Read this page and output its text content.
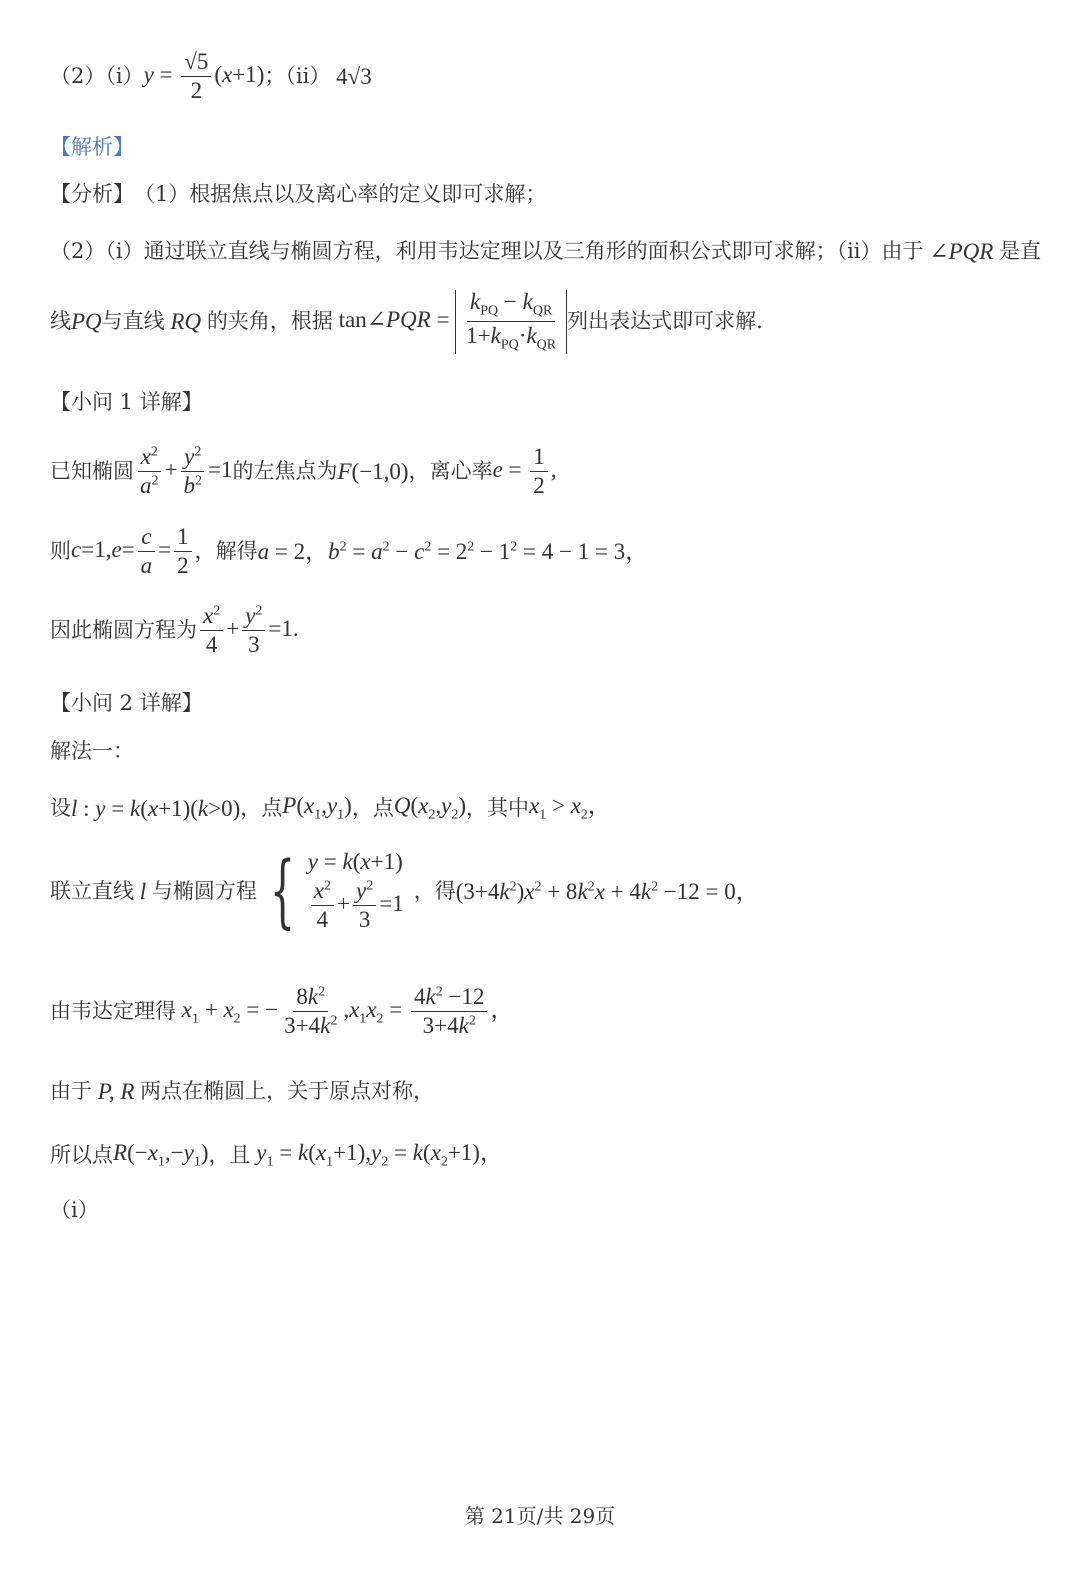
（2）（i） $y = \frac{√5}{2} (x+1)$ ；（ii） 4√3
【解析】
【分析】 （1）根据焦点以及离心率的定义即可求解；
（2）（i）通过联立直线与椭圆方程，利用韦达定理以及三角形的面积公式即可求解；（ii）由于 ∠PQR 是直
线 PQ 与直线 RQ 的夹角，根据 tan∠PQR = $\frac{k_{PQ} - k_{QR}}{1+k_{PQ}\cdot k_{QR}}$ 列出表达式即可求解.
【小问 1 详解】
已知椭圆 $\frac{x^2}{a^2} + \frac{y^2}{b^2} =1$ 的左焦点为 F(−1,0) ，离心率 $e = \frac{1}{2}$ ,
则 $c=1,e= \frac{c}{a} = \frac{1}{2}$ ，解得 a = 2，$b^2 = a^2 - c^2 = 2^2 - 1^2 = 4 - 1 = 3$，
因此椭圆方程为 $\frac{x^2}{4} + \frac{y^2}{3} =1$.
【小问 2 详解】
解法一：
设 l : y = k(x+1)(k>0) ，点 $P(x_1,y_1)$ ，点 $Q(x_2,y_2)$ ，其中 $x_1 > x_2$，
联立直线 l 与椭圆方程 { y = k(x+1)
$\frac{x^2}{4} + \frac{y^2}{3} =1$
，得 $(3+4k^2)x^2 + 8k^2x + 4k^2 -12 = 0$，
由韦达定理得 $x_1 + x_2$ = − $\frac{8k^2}{3+4k^2} ,x_1x_2 = \frac{4k^2 -12}{3+4k^2}$ ，
由于 P, R 两点在椭圆上，关于原点对称，
所以点 $R(-x_1,-y_1)$ ，且 $y_1 = k(x_1+1),y_2 = k(x_2+1)$，
（i）
第 21页/共 29页
